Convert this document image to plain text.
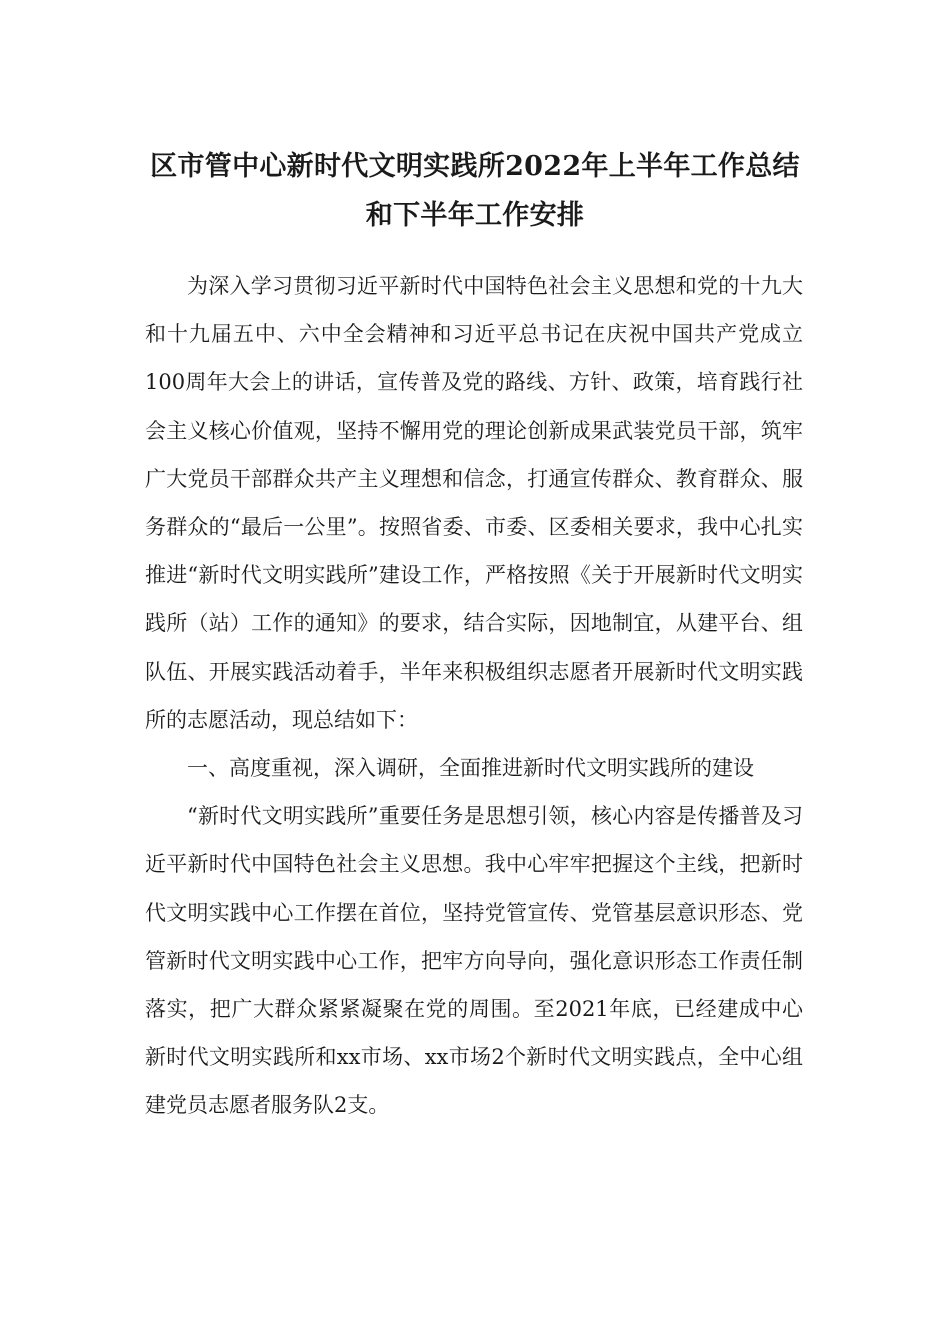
区市管中心新时代文明实践所2022年上半年工作总结和下半年工作安排

为深入学习贯彻习近平新时代中国特色社会主义思想和党的十九大和十九届五中、六中全会精神和习近平总书记在庆祝中国共产党成立100周年大会上的讲话，宣传普及党的路线、方针、政策，培育践行社会主义核心价值观，坚持不懈用党的理论创新成果武装党员干部，筑牢广大党员干部群众共产主义理想和信念，打通宣传群众、教育群众、服务群众的“最后一公里”。按照省委、市委、区委相关要求，我中心扎实推进“新时代文明实践所”建设工作，严格按照《关于开展新时代文明实践所（站）工作的通知》的要求，结合实际，因地制宜，从建平台、组队伍、开展实践活动着手，半年来积极组织志愿者开展新时代文明实践所的志愿活动，现总结如下：

一、高度重视，深入调研，全面推进新时代文明实践所的建设

“新时代文明实践所”重要任务是思想引领，核心内容是传播普及习近平新时代中国特色社会主义思想。我中心牢牢把握这个主线，把新时代文明实践中心工作摆在首位，坚持党管宣传、党管基层意识形态、党管新时代文明实践中心工作，把牢方向导向，强化意识形态工作责任制落实，把广大群众紧紧凝聚在党的周围。至2021年底，已经建成中心新时代文明实践所和xx市场、xx市场2个新时代文明实践点，全中心组建党员志愿者服务队2支。
